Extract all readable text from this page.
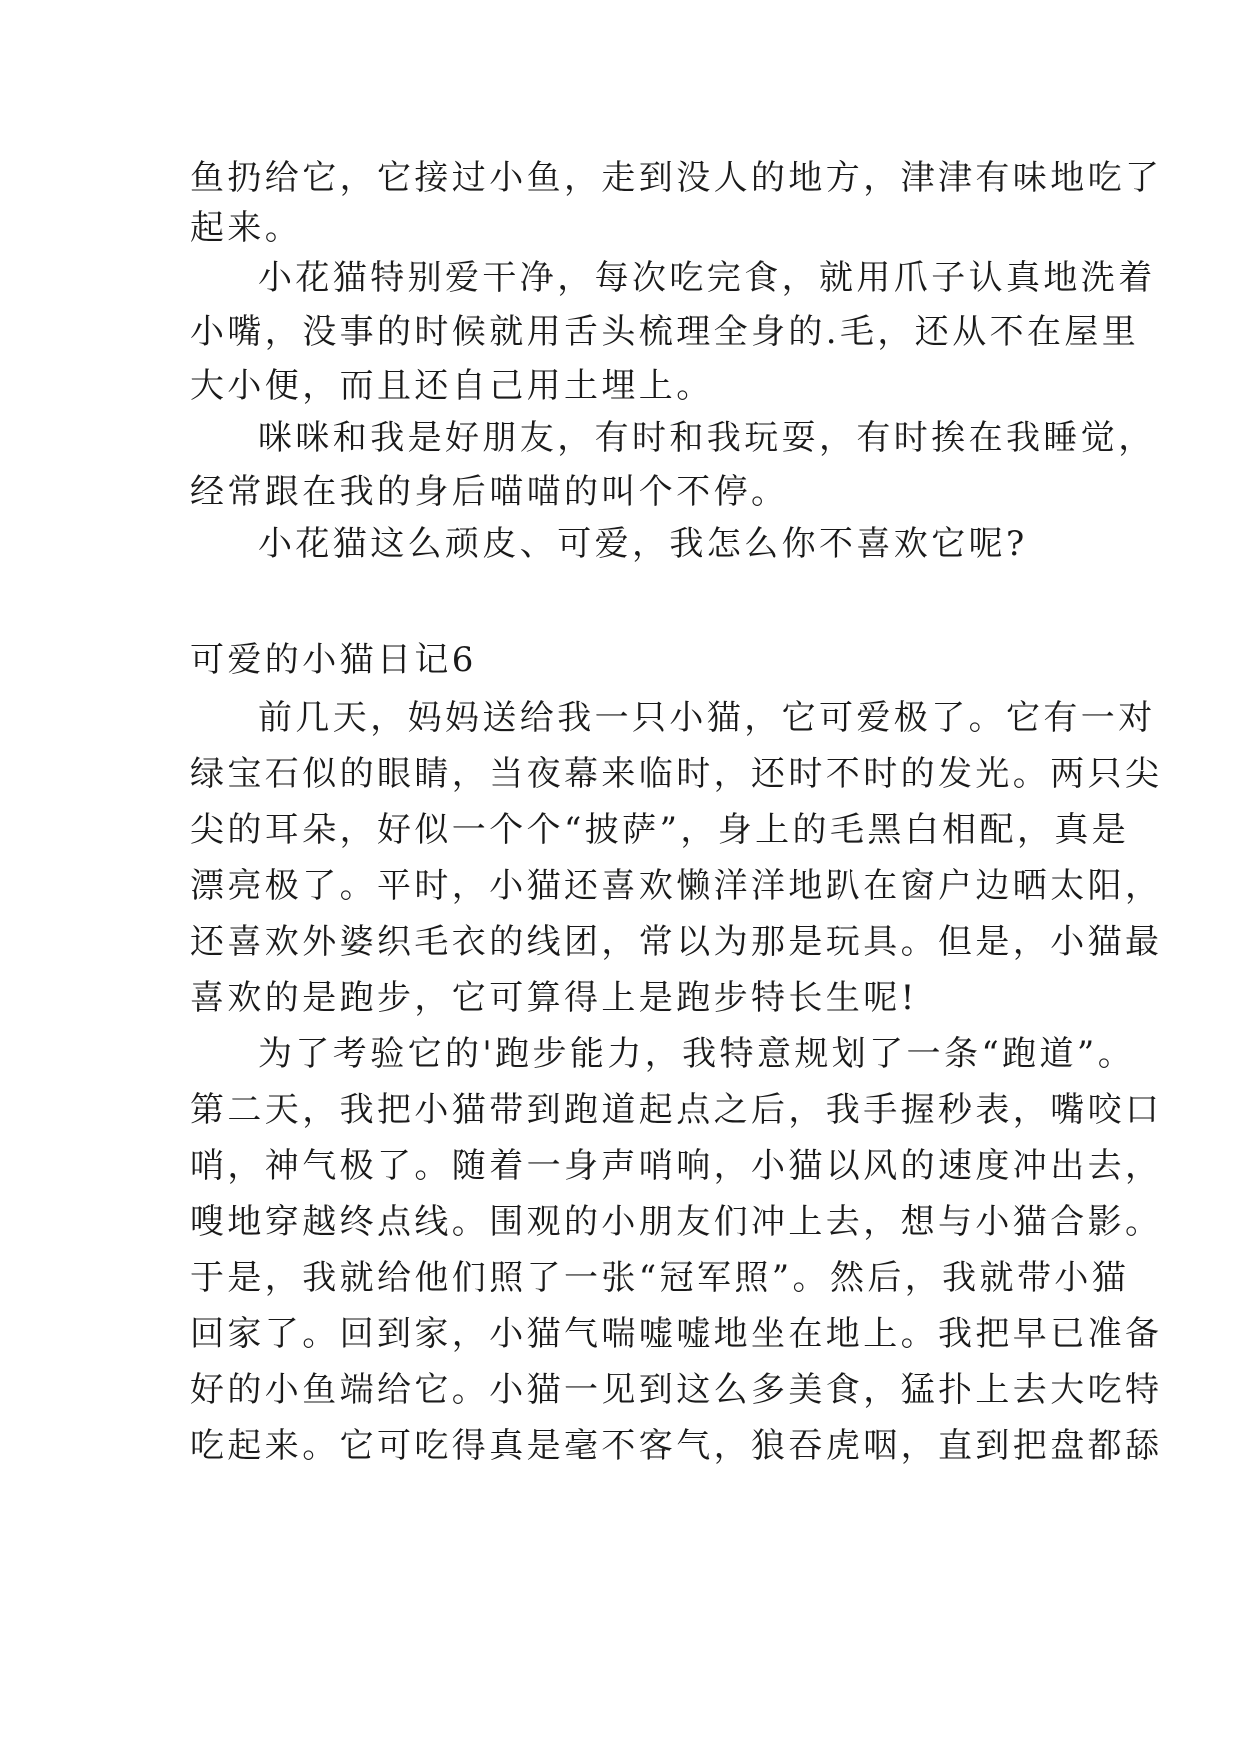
鱼扔给它，它接过小鱼，走到没人的地方，津津有味地吃了
起来。
小花猫特别爱干净，每次吃完食，就用爪子认真地洗着
小嘴，没事的时候就用舌头梳理全身的.毛，还从不在屋里
大小便，而且还自己用土埋上。
咪咪和我是好朋友，有时和我玩耍，有时挨在我睡觉，
经常跟在我的身后喵喵的叫个不停。
小花猫这么顽皮、可爱，我怎么你不喜欢它呢?
可爱的小猫日记6
前几天，妈妈送给我一只小猫，它可爱极了。它有一对
绿宝石似的眼睛，当夜幕来临时，还时不时的发光。两只尖
尖的耳朵，好似一个个“披萨”，身上的毛黑白相配，真是
漂亮极了。平时，小猫还喜欢懒洋洋地趴在窗户边晒太阳，
还喜欢外婆织毛衣的线团，常以为那是玩具。但是，小猫最
喜欢的是跑步，它可算得上是跑步特长生呢!
为了考验它的'跑步能力，我特意规划了一条“跑道”。
第二天，我把小猫带到跑道起点之后，我手握秒表，嘴咬口
哨，神气极了。随着一身声哨响，小猫以风的速度冲出去，
嗖地穿越终点线。围观的小朋友们冲上去，想与小猫合影。
于是，我就给他们照了一张“冠军照”。然后，我就带小猫
回家了。回到家，小猫气喘嘘嘘地坐在地上。我把早已准备
好的小鱼端给它。小猫一见到这么多美食，猛扑上去大吃特
吃起来。它可吃得真是毫不客气，狼吞虎咽，直到把盘都舔
